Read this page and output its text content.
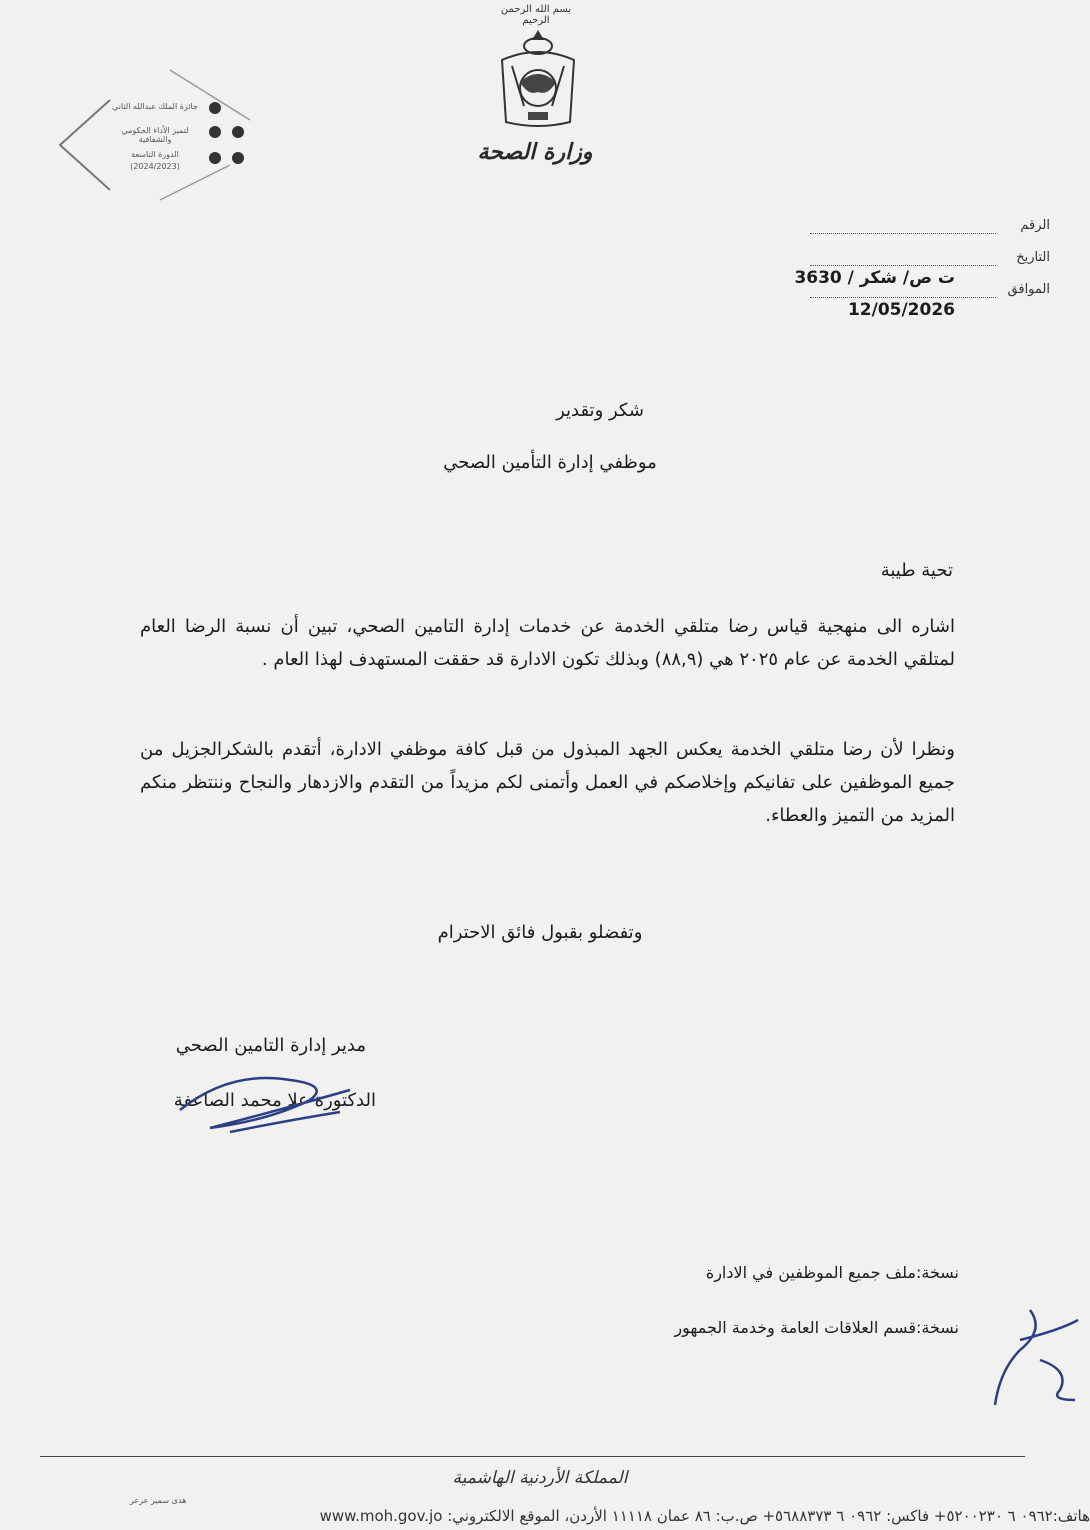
بسم الله الرحمن الرحيم
وزارة الصحة
جائزة الملك عبدالله الثاني
لتميز الأداء الحكومي والشفافية
الدورة التاسعة
(2024/2023)
الرقم
التاريخ
الموافق
ت ص/ شكر / 3630
12/05/2026
شكر وتقدير
موظفي إدارة التأمين الصحي
تحية طيبة
اشاره الى منهجية قياس رضا متلقي الخدمة عن خدمات إدارة التامين الصحي، تبين أن نسبة الرضا العام لمتلقي الخدمة عن عام ٢٠٢٥ هي (٨٨,٩) وبذلك تكون الادارة قد حققت المستهدف لهذا العام .
ونظرا لأن رضا متلقي الخدمة يعكس الجهد المبذول من قبل كافة موظفي الادارة، أتقدم بالشكرالجزيل من جميع الموظفين على تفانيكم وإخلاصكم في العمل وأتمنى لكم مزيداً من التقدم والازدهار والنجاح وننتظر منكم المزيد من التميز والعطاء.
وتفضلو بقبول فائق الاحترام
مدير إدارة التامين الصحي
الدكتورة علا محمد الصاعفة
نسخة:ملف جميع الموظفين في الادارة
نسخة:قسم العلاقات العامة وخدمة الجمهور
المملكة الأردنية الهاشمية
هدى سمير عرعر
هاتف:٠٩٦٢ ٦ ٥٢٠٠٢٣٠+ فاكس: ٠٩٦٢ ٦ ٥٦٨٨٣٧٣+ ص.ب: ٨٦ عمان ١١١١٨ الأردن، الموقع الالكتروني: www.moh.gov.jo
